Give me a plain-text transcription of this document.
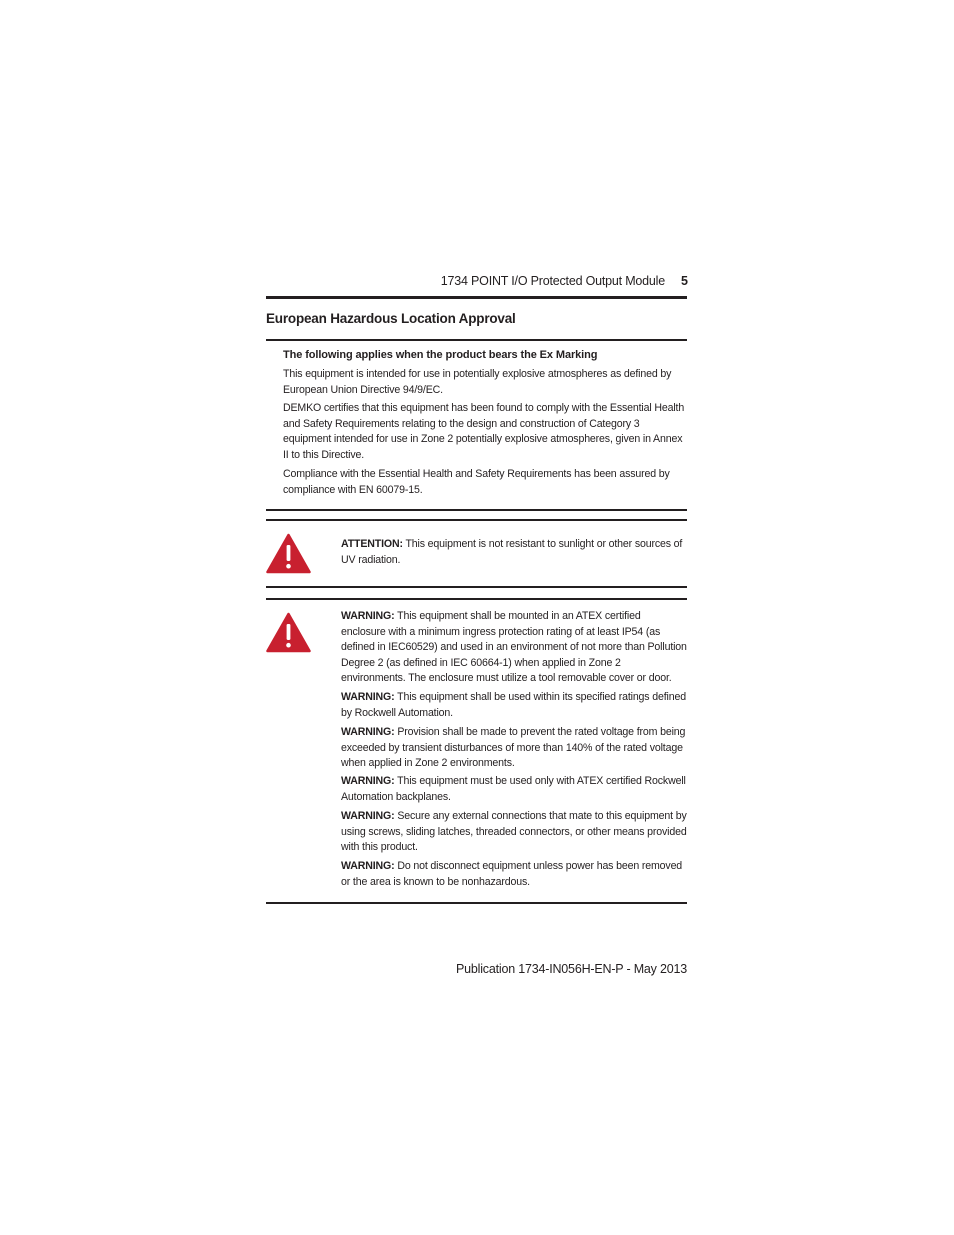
1734 POINT I/O Protected Output Module 5
European Hazardous Location Approval
The following applies when the product bears the Ex Marking
This equipment is intended for use in potentially explosive atmospheres as defined by European Union Directive 94/9/EC.
DEMKO certifies that this equipment has been found to comply with the Essential Health and Safety Requirements relating to the design and construction of Category 3 equipment intended for use in Zone 2 potentially explosive atmospheres, given in Annex II to this Directive.
Compliance with the Essential Health and Safety Requirements has been assured by compliance with EN 60079-15.
ATTENTION: This equipment is not resistant to sunlight or other sources of UV radiation.
WARNING: This equipment shall be mounted in an ATEX certified enclosure with a minimum ingress protection rating of at least IP54 (as defined in IEC60529) and used in an environment of not more than Pollution Degree 2 (as defined in IEC 60664-1) when applied in Zone 2 environments. The enclosure must utilize a tool removable cover or door.
WARNING: This equipment shall be used within its specified ratings defined by Rockwell Automation.
WARNING: Provision shall be made to prevent the rated voltage from being exceeded by transient disturbances of more than 140% of the rated voltage when applied in Zone 2 environments.
WARNING: This equipment must be used only with ATEX certified Rockwell Automation backplanes.
WARNING: Secure any external connections that mate to this equipment by using screws, sliding latches, threaded connectors, or other means provided with this product.
WARNING: Do not disconnect equipment unless power has been removed or the area is known to be nonhazardous.
Publication 1734-IN056H-EN-P - May 2013
